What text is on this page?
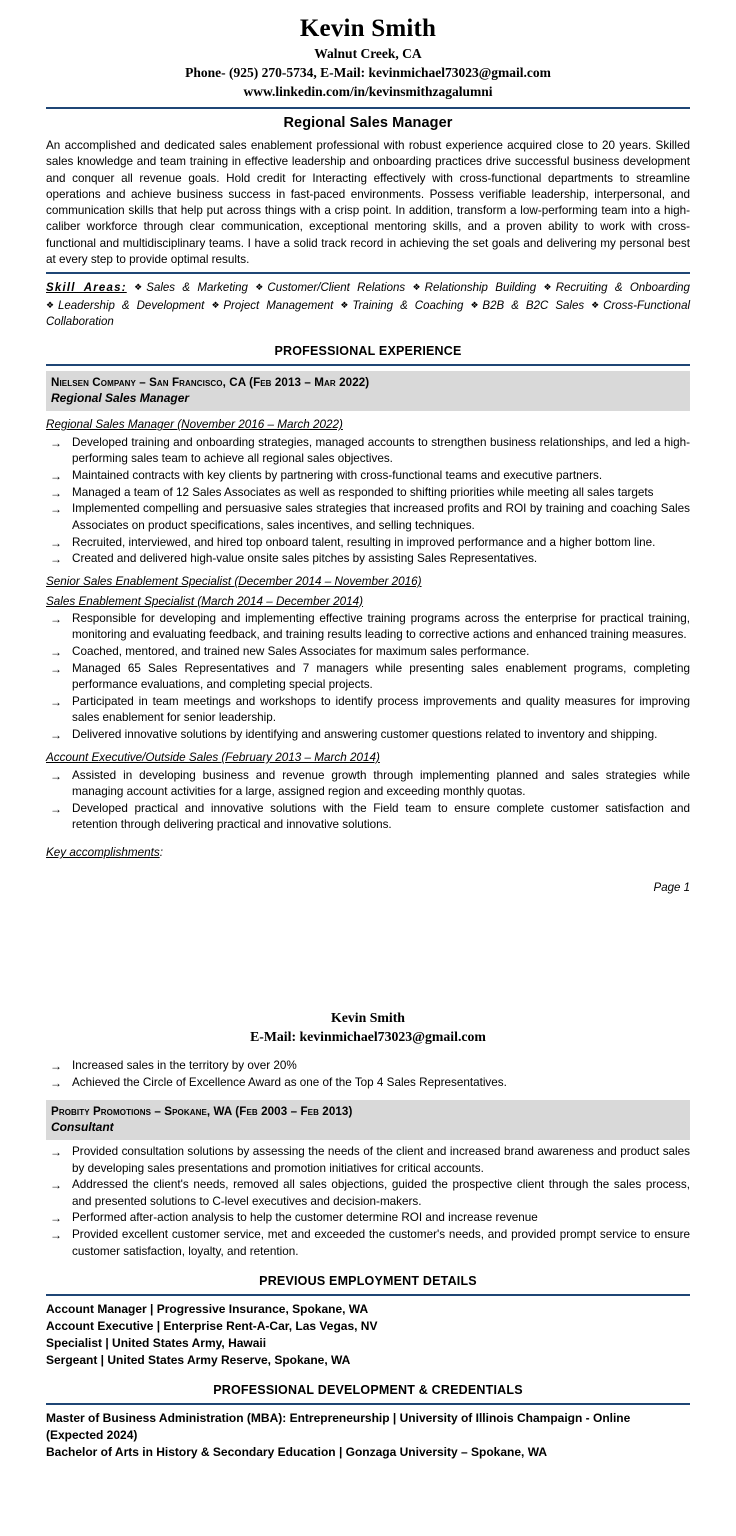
Kevin Smith
Walnut Creek, CA
Phone- (925) 270-5734, E-Mail: kevinmichael73023@gmail.com
www.linkedin.com/in/kevinsmithzagalumni
Regional Sales Manager

An accomplished and dedicated sales enablement professional with robust experience acquired close to 20 years. Skilled sales knowledge and team training in effective leadership and onboarding practices drive successful business development and conquer all revenue goals. Hold credit for Interacting effectively with cross-functional departments to streamline operations and achieve business success in fast-paced environments. Possess verifiable leadership, interpersonal, and communication skills that help put across things with a crisp point. In addition, transform a low-performing team into a high-caliber workforce through clear communication, exceptional mentoring skills, and a proven ability to work with cross-functional and multidisciplinary teams. I have a solid track record in achieving the set goals and delivering my personal best at every step to provide optimal results.

Skill Areas: ❖Sales & Marketing ❖Customer/Client Relations ❖Relationship Building ❖Recruiting & Onboarding ❖Leadership & Development ❖Project Management ❖Training & Coaching ❖B2B & B2C Sales ❖Cross-Functional Collaboration

PROFESSIONAL EXPERIENCE
Nielsen Company – San Francisco, CA (Feb 2013 – Mar 2022)
Regional Sales Manager
Regional Sales Manager (November 2016 – March 2022)
→ Developed training and onboarding strategies, managed accounts to strengthen business relationships, and led a high-performing sales team to achieve all regional sales objectives.
→ Maintained contracts with key clients by partnering with cross-functional teams and executive partners.
→ Managed a team of 12 Sales Associates as well as responded to shifting priorities while meeting all sales targets
→ Implemented compelling and persuasive sales strategies that increased profits and ROI by training and coaching Sales Associates on product specifications, sales incentives, and selling techniques.
→ Recruited, interviewed, and hired top onboard talent, resulting in improved performance and a higher bottom line.
→ Created and delivered high-value onsite sales pitches by assisting Sales Representatives.
Senior Sales Enablement Specialist (December 2014 – November 2016)
Sales Enablement Specialist (March 2014 – December 2014)
→ Responsible for developing and implementing effective training programs across the enterprise for practical training, monitoring and evaluating feedback, and training results leading to corrective actions and enhanced training measures.
→ Coached, mentored, and trained new Sales Associates for maximum sales performance.
→ Managed 65 Sales Representatives and 7 managers while presenting sales enablement programs, completing performance evaluations, and completing special projects.
→ Participated in team meetings and workshops to identify process improvements and quality measures for improving sales enablement for senior leadership.
→ Delivered innovative solutions by identifying and answering customer questions related to inventory and shipping.
Account Executive/Outside Sales (February 2013 – March 2014)
→ Assisted in developing business and revenue growth through implementing planned and sales strategies while managing account activities for a large, assigned region and exceeding monthly quotas.
→ Developed practical and innovative solutions with the Field team to ensure complete customer satisfaction and retention through delivering practical and innovative solutions.
Key accomplishments:
Page 1
Kevin Smith
E-Mail: kevinmichael73023@gmail.com
→ Increased sales in the territory by over 20%
→ Achieved the Circle of Excellence Award as one of the Top 4 Sales Representatives.
Probity Promotions – Spokane, WA (Feb 2003 – Feb 2013)
Consultant
→ Provided consultation solutions by assessing the needs of the client and increased brand awareness and product sales by developing sales presentations and promotion initiatives for critical accounts.
→ Addressed the client's needs, removed all sales objections, guided the prospective client through the sales process, and presented solutions to C-level executives and decision-makers.
→ Performed after-action analysis to help the customer determine ROI and increase revenue
→ Provided excellent customer service, met and exceeded the customer's needs, and provided prompt service to ensure customer satisfaction, loyalty, and retention.
PREVIOUS EMPLOYMENT DETAILS
Account Manager | Progressive Insurance, Spokane, WA
Account Executive | Enterprise Rent-A-Car, Las Vegas, NV
Specialist | United States Army, Hawaii
Sergeant | United States Army Reserve, Spokane, WA
PROFESSIONAL DEVELOPMENT & CREDENTIALS
Master of Business Administration (MBA): Entrepreneurship | University of Illinois Champaign - Online (Expected 2024)
Bachelor of Arts in History & Secondary Education | Gonzaga University – Spokane, WA
